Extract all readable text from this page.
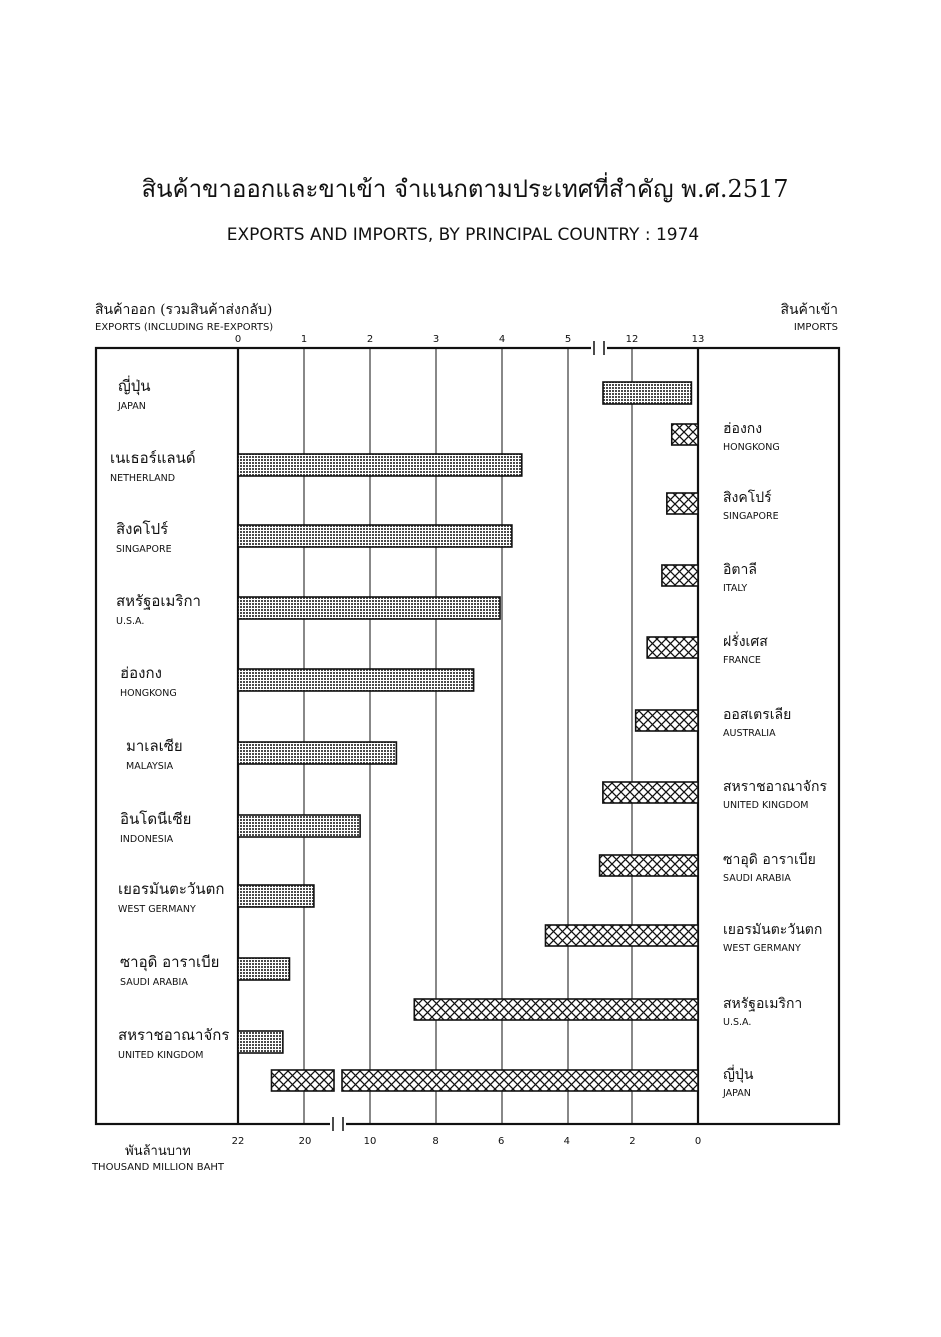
สินค้าขาออกและขาเข้า จำแนกตามประเทศที่สำคัญ พ.ศ.2517
EXPORTS AND IMPORTS, BY PRINCIPAL COUNTRY : 1974
สินค้าออก (รวมสินค้าส่งกลับ)
EXPORTS (INCLUDING RE-EXPORTS)
สินค้าเข้า
IMPORTS
0	1	2	3	4	5	12	13
22	20	10	8	6	4	2	0
ญี่ปุ่น
JAPAN
เนเธอร์แลนด์
NETHERLAND
สิงคโปร์
SINGAPORE
สหรัฐอเมริกา
U.S.A.
ฮ่องกง
HONGKONG
มาเลเซีย
MALAYSIA
อินโดนีเซีย
INDONESIA
เยอรมันตะวันตก
WEST GERMANY
ซาอุดิ อาราเบีย
SAUDI ARABIA
สหราชอาณาจักร
UNITED KINGDOM
ฮ่องกง
HONGKONG
สิงคโปร์
SINGAPORE
อิตาลี
ITALY
ฝรั่งเศส
FRANCE
ออสเตรเลีย
AUSTRALIA
สหราชอาณาจักร
UNITED KINGDOM
ซาอุดิ อาราเบีย
SAUDI ARABIA
เยอรมันตะวันตก
WEST GERMANY
สหรัฐอเมริกา
U.S.A.
ญี่ปุ่น
JAPAN
พันล้านบาท
THOUSAND MILLION BAHT
